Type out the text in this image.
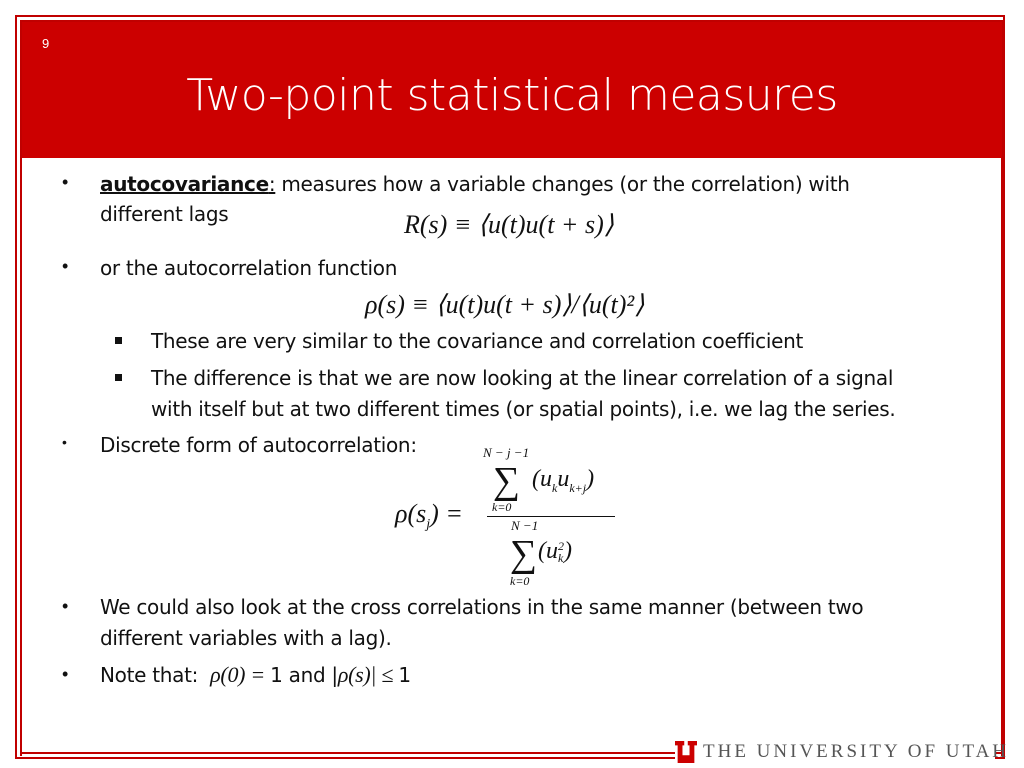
9
Two-point statistical measures
• autocovariance: measures how a variable changes (or the correlation) with
different lags	R(s) ≡ ⟨u(t)u(t + s)⟩
• or the autocorrelation function
ρ(s) ≡ ⟨u(t)u(t + s)⟩/⟨u(t)²⟩
These are very similar to the covariance and correlation coefficient
The difference is that we are now looking at the linear correlation of a signal
with itself but at two different times (or spatial points), i.e. we lag the series.
• Discrete form of autocorrelation:
$\rho(s_j)$ =
N − j −1
∑
k=0
$(u_ku_{k+j})$
N −1
∑
k=0
(u 2
k )
• We could also look at the cross correlations in the same manner (between two
different variables with a lag).
• Note that:  ρ(0) = 1 and |ρ(s)| ≤ 1
THE UNIVERSITY OF UTAH
